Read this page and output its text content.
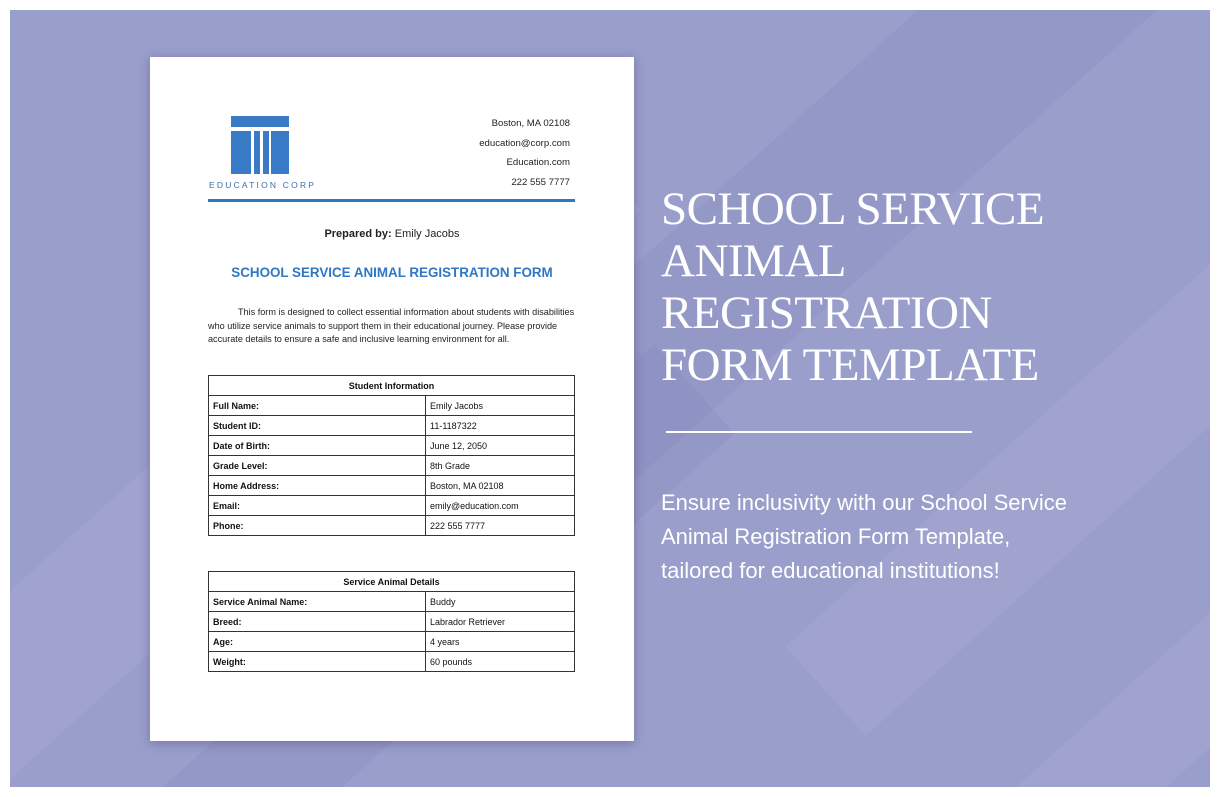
EDUCATION CORP
Boston, MA 02108
education@corp.com
Education.com
222 555 7777
Prepared by: Emily Jacobs
SCHOOL SERVICE ANIMAL REGISTRATION FORM
This form is designed to collect essential information about students with disabilities who utilize service animals to support them in their educational journey. Please provide accurate details to ensure a safe and inclusive learning environment for all.
Student Information	
Full Name:	Emily Jacobs
Student ID:	11-1187322
Date of Birth:	June 12, 2050
Grade Level:	8th Grade
Home Address:	Boston, MA 02108
Email:	emily@education.com
Phone:	222 555 7777
Service Animal Details	
Service Animal Name:	Buddy
Breed:	Labrador Retriever
Age:	4 years
Weight:	60 pounds
SCHOOL SERVICE
ANIMAL
REGISTRATION
FORM TEMPLATE
Ensure inclusivity with our School Service Animal Registration Form Template, tailored for educational institutions!
